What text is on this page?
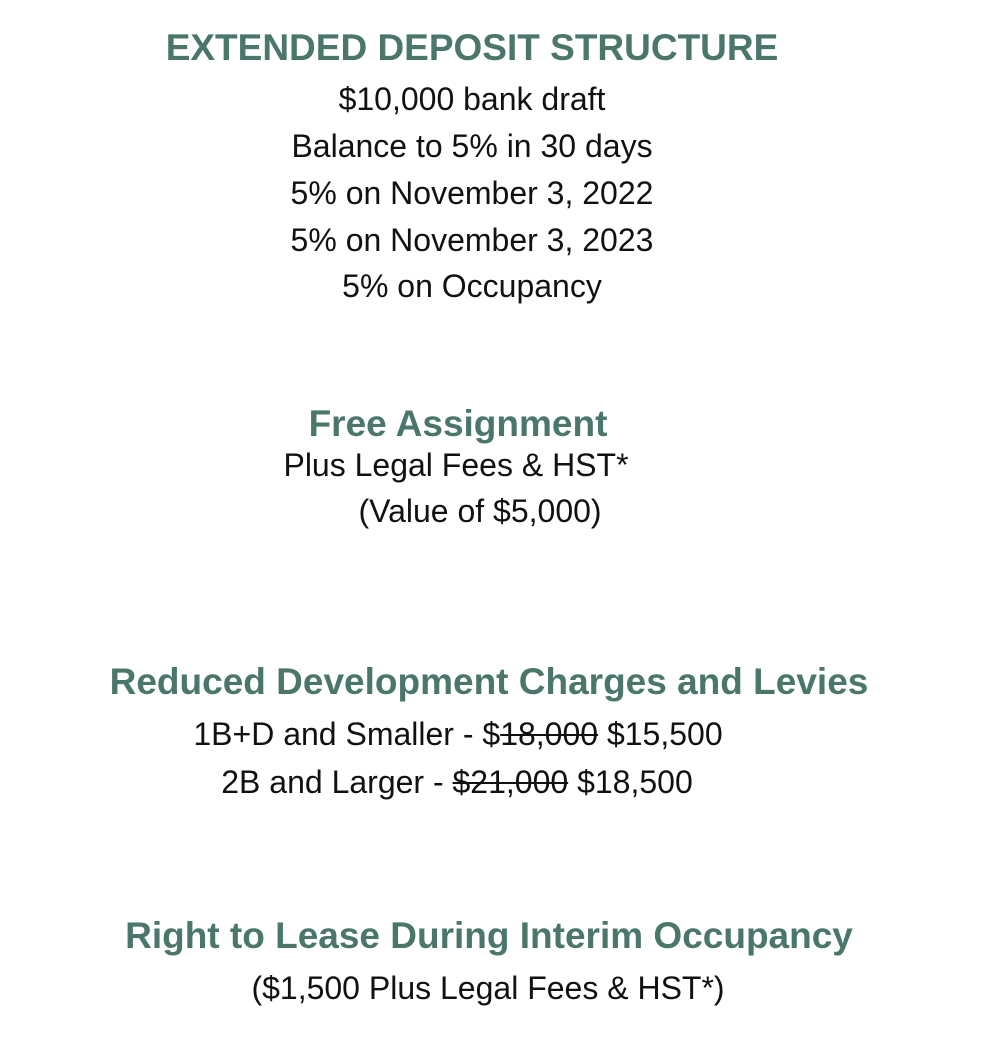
EXTENDED DEPOSIT STRUCTURE
$10,000 bank draft
Balance to 5% in 30 days
5% on November 3, 2022
5% on November 3, 2023
5% on Occupancy
Free Assignment
Plus Legal Fees & HST*
(Value of $5,000)
Reduced Development Charges and Levies
1B+D and Smaller - $18,000 $15,500
2B and Larger - $21,000 $18,500
Right to Lease During Interim Occupancy
($1,500 Plus Legal Fees & HST*)
